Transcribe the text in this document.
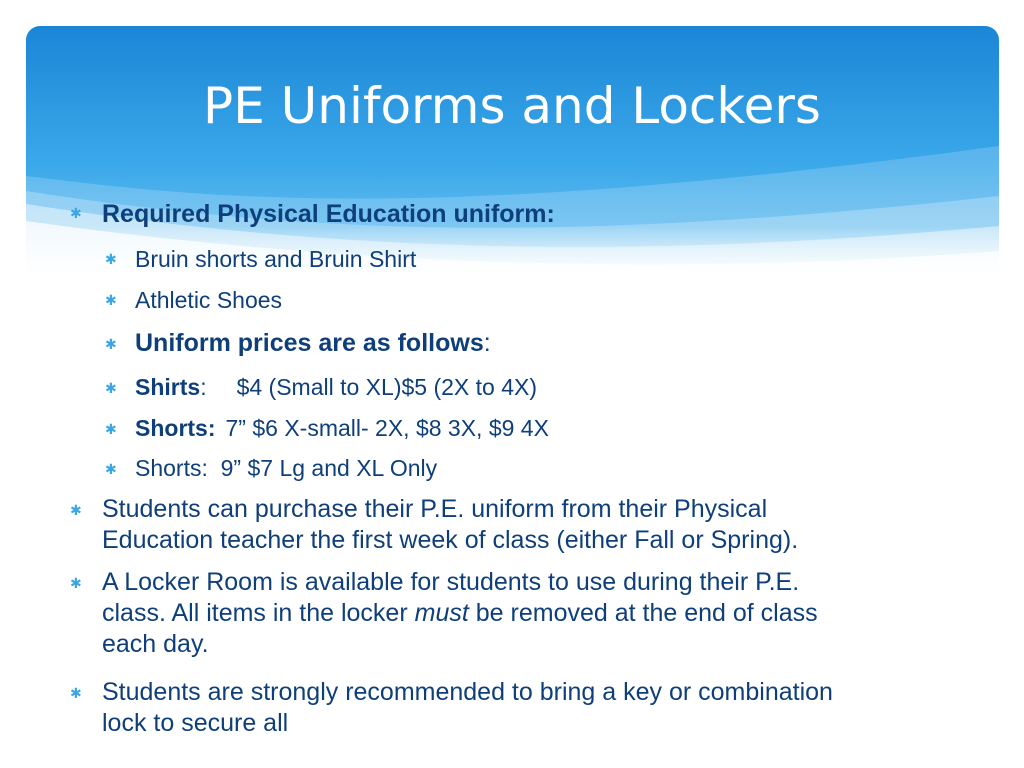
PE Uniforms and Lockers
✱ Required Physical Education uniform:

✱ Bruin shorts and Bruin Shirt

✱ Athletic Shoes

✱ Uniform prices are as follows :

✱ Shirts : $4 (Small to XL)$5 (2X to 4X)

✱ Shorts: 7” $6 X-small- 2X, $8 3X, $9 4X

✱ Shorts:  9” $7 Lg and XL Only

✱ Students can purchase their P.E. uniform from their Physical
Education teacher the first week of class (either Fall or Spring).
✱ A Locker Room is available for students to use during their P.E.
class. All items in the locker must be removed at the end of class
each day.
✱ Students are strongly recommended to bring a key or combination
lock to secure all
